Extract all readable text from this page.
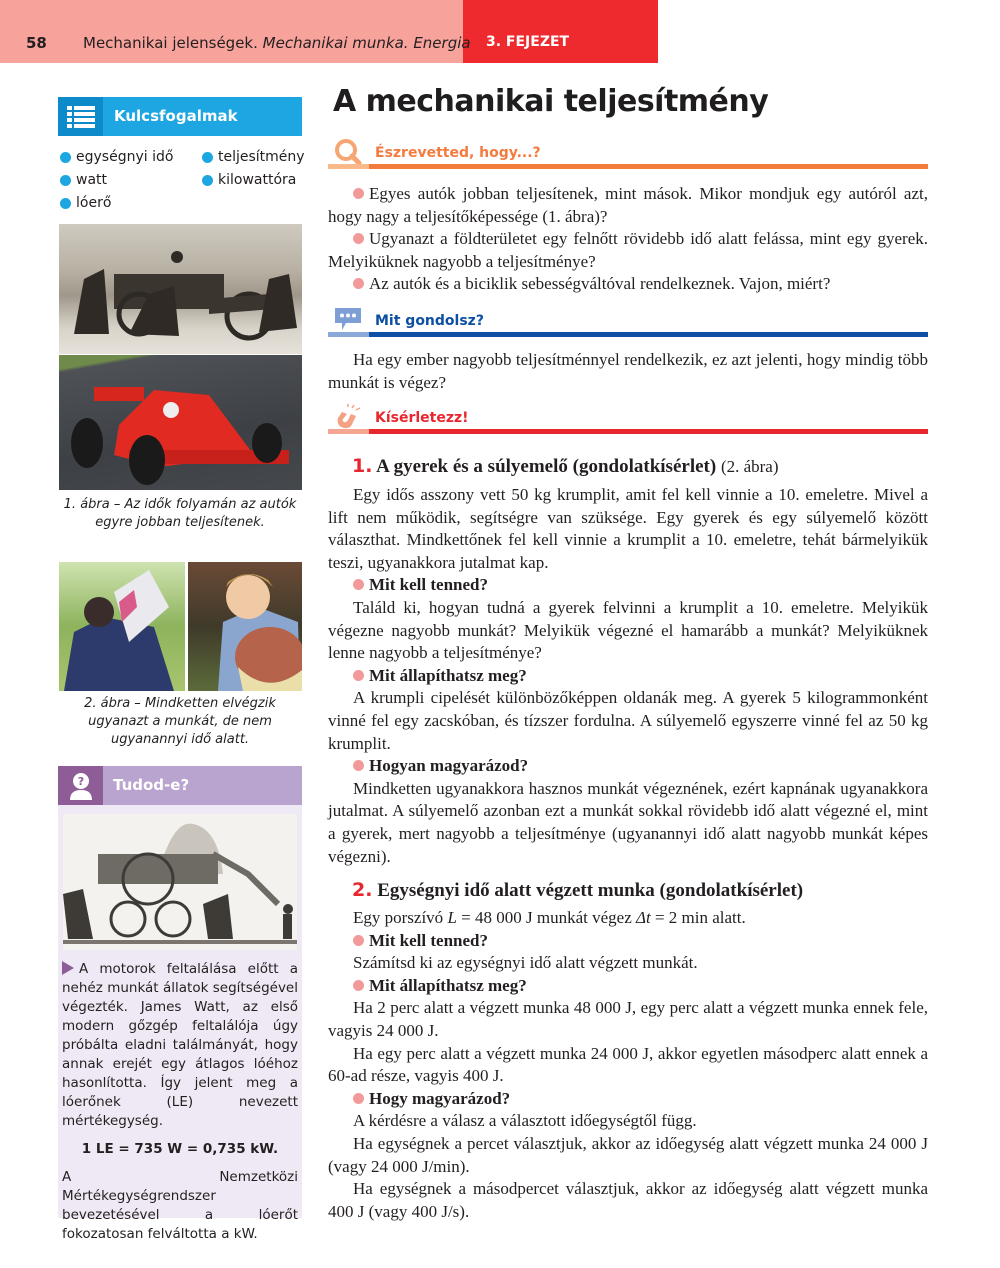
58 Mechanikai jelenségek. Mechanikai munka. Energia 3. FEJEZET
Kulcsfogalmak
egységnyi idő	teljesítmény
watt	kilowattóra
lóerő
1. ábra – Az idők folyamán az autók egyre jobban teljesítenek.
2. ábra – Mindketten elvégzik ugyanazt a munkát, de nem ugyanannyi idő alatt.
? Tudod-e?

A motorok feltalálása előtt a nehéz munkát állatok segítségével végezték. James Watt, az első modern gőzgép feltalálója úgy próbálta eladni találmányát, hogy annak erejét egy átlagos lóéhoz hasonlította. Így jelent meg a lóerőnek (LE) nevezett mértékegység.

1 LE = 735 W = 0,735 kW.

A Nemzetközi Mértékegységrendszer bevezetésével a lóerőt fokozatosan felváltotta a kW.

A mechanikai teljesítmény
Észrevetted, hogy...?

Egyes autók jobban teljesítenek, mint mások. Mikor mondjuk egy autóról azt, hogy nagy a teljesítőképessége (1. ábra)?

Ugyanazt a földterületet egy felnőtt rövidebb idő alatt felássa, mint egy gyerek. Melyiküknek nagyobb a teljesítménye?

Az autók és a biciklik sebességváltóval rendelkeznek. Vajon, miért?

Mit gondolsz?

Ha egy ember nagyobb teljesítménnyel rendelkezik, ez azt jelenti, hogy mindig több munkát is végez?

Kísérletezz!
1. A gyerek és a súlyemelő (gondolatkísérlet) (2. ábra)

Egy idős asszony vett 50 kg krumplit, amit fel kell vinnie a 10. emeletre. Mivel a lift nem működik, segítségre van szüksége. Egy gyerek és egy súlyemelő között választhat. Mindkettőnek fel kell vinnie a krumplit a 10. emeletre, tehát bármelyikük teszi, ugyanakkora jutalmat kap.

Mit kell tenned?

Találd ki, hogyan tudná a gyerek felvinni a krumplit a 10. emeletre. Melyikük végezne nagyobb munkát? Melyikük végezné el hamarább a munkát? Melyiküknek lenne nagyobb a teljesítménye?

Mit állapíthatsz meg?

A krumpli cipelését különbözőképpen oldanák meg. A gyerek 5 kilogrammonként vinné fel egy zacskóban, és tízszer fordulna. A súlyemelő egyszerre vinné fel az 50 kg krumplit.

Hogyan magyarázod?

Mindketten ugyanakkora hasznos munkát végeznének, ezért kapnának ugyanakkora jutalmat. A súlyemelő azonban ezt a munkát sokkal rövidebb idő alatt végezné el, mint a gyerek, mert nagyobb a teljesítménye (ugyanannyi idő alatt nagyobb munkát képes végezni).

2. Egységnyi idő alatt végzett munka (gondolatkísérlet)

Egy porszívó L = 48 000 J munkát végez Δt = 2 min alatt.

Mit kell tenned?

Számítsd ki az egységnyi idő alatt végzett munkát.

Mit állapíthatsz meg?

Ha 2 perc alatt a végzett munka 48 000 J, egy perc alatt a végzett munka ennek fele, vagyis 24 000 J.

Ha egy perc alatt a végzett munka 24 000 J, akkor egyetlen másodperc alatt ennek a 60-ad része, vagyis 400 J.

Hogy magyarázod?

A kérdésre a válasz a választott időegységtől függ.

Ha egységnek a percet választjuk, akkor az időegység alatt végzett munka 24 000 J (vagy 24 000 J/min).

Ha egységnek a másodpercet választjuk, akkor az időegység alatt végzett munka 400 J (vagy 400 J/s).
